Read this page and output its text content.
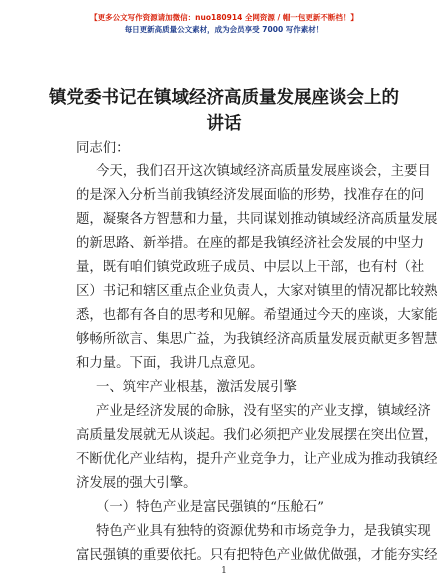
【更多公文写作资源请加微信：nuo180914 全网资源 / 帽一包更新不断档！】
每日更新高质量公文素材，成为会员享受 7000 写作素材！
镇党委书记在镇域经济高质量发展座谈会上的
讲话
同志们：
今天，我们召开这次镇域经济高质量发展座谈会，主要目
的是深入分析当前我镇经济发展面临的形势，找准存在的问
题，凝聚各方智慧和力量，共同谋划推动镇域经济高质量发展
的新思路、新举措。在座的都是我镇经济社会发展的中坚力
量，既有咱们镇党政班子成员、中层以上干部，也有村（社
区）书记和辖区重点企业负责人，大家对镇里的情况都比较熟
悉，也都有各自的思考和见解。希望通过今天的座谈，大家能
够畅所欲言、集思广益，为我镇经济高质量发展贡献更多智慧
和力量。下面，我讲几点意见。
一、筑牢产业根基，激活发展引擎
产业是经济发展的命脉，没有坚实的产业支撑，镇域经济
高质量发展就无从谈起。我们必须把产业发展摆在突出位置，
不断优化产业结构，提升产业竞争力，让产业成为推动我镇经
济发展的强大引擎。
（一）特色产业是富民强镇的“压舱石”
特色产业具有独特的资源优势和市场竞争力，是我镇实现
富民强镇的重要依托。只有把特色产业做优做强，才能夯实经
1
